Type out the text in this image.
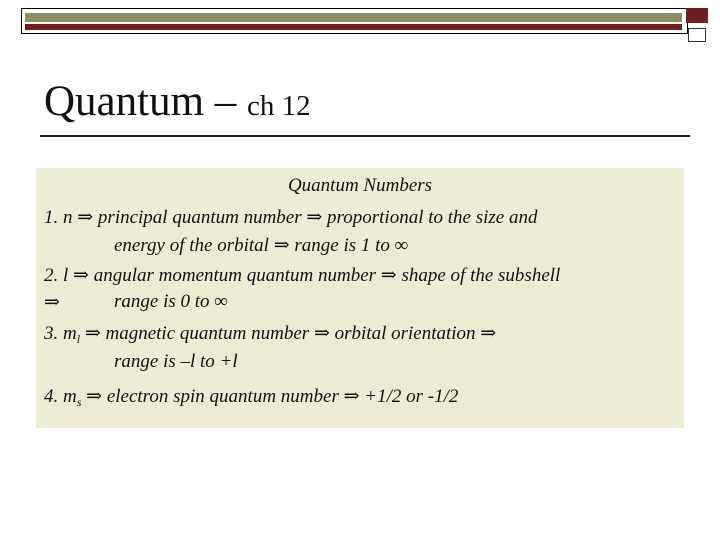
Quantum – ch 12
Quantum Numbers
1. n ⇒ principal quantum number ⇒ proportional to the size and
energy of the orbital ⇒ range is 1 to ∞
2. l ⇒ angular momentum quantum number ⇒ shape of the subshell
⇒	range is 0 to ∞
3. $m_l$ ⇒ magnetic quantum number ⇒ orbital orientation ⇒
range is –l to +l
4. $m_s$ ⇒ electron spin quantum number ⇒ +1/2 or -1/2
